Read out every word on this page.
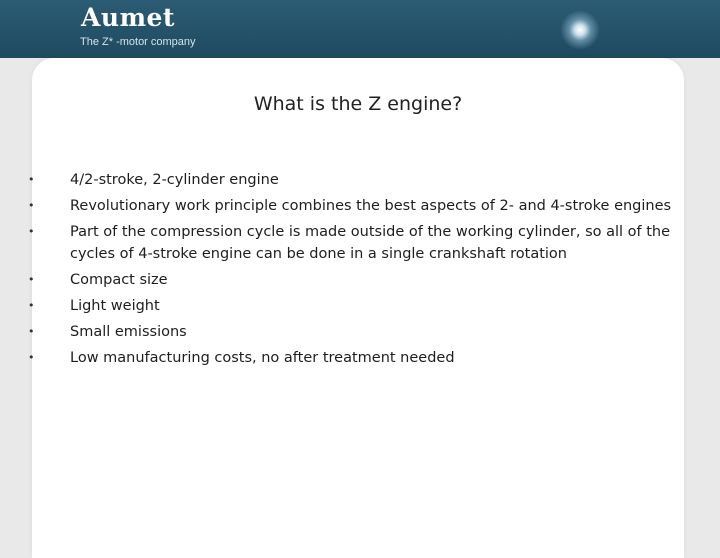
Aumet
The Z* -motor company
What is the Z engine?
• 4/2-stroke, 2-cylinder engine
• Revolutionary work principle combines the best aspects of 2- and 4-stroke engines
• Part of the compression cycle is made outside of the working cylinder, so all of the cycles of 4-stroke engine can be done in a single crankshaft rotation
• Compact size
• Light weight
• Small emissions
• Low manufacturing costs, no after treatment needed
